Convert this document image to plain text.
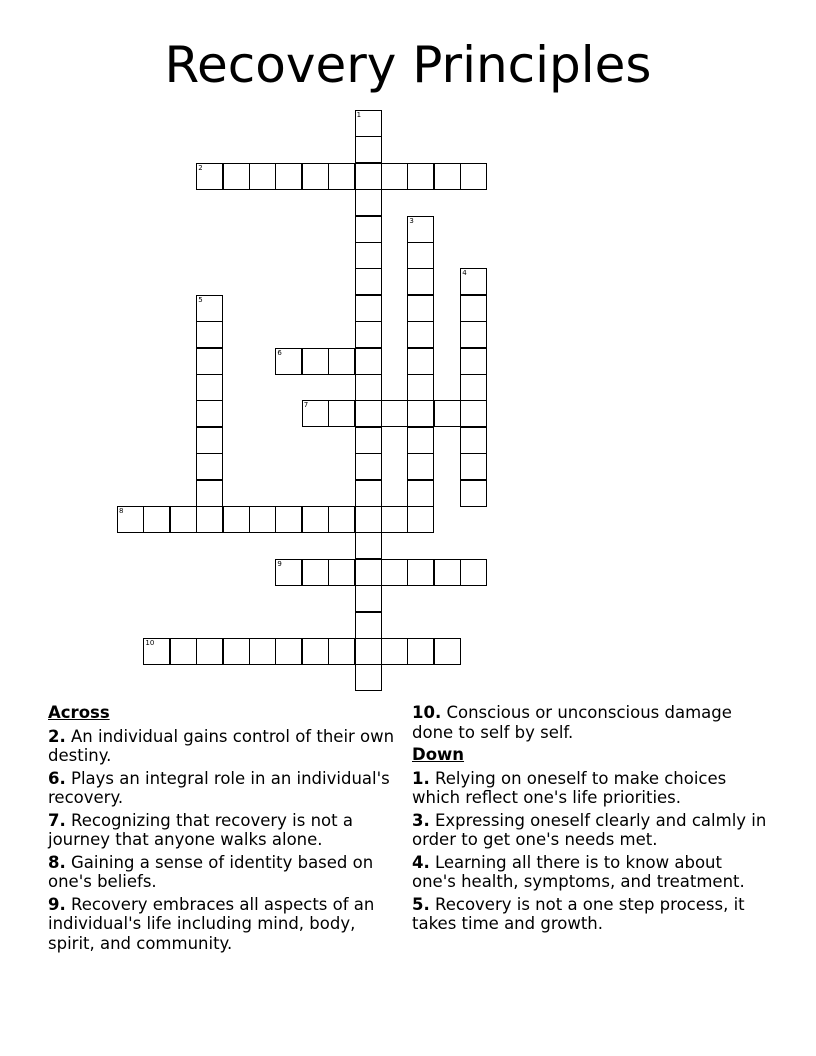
Recovery Principles
1
2
3
4
5
6
7
8
9
10
Across
2. An individual gains control of their own destiny.
6. Plays an integral role in an individual's recovery.
7. Recognizing that recovery is not a journey that anyone walks alone.
8. Gaining a sense of identity based on one's beliefs.
9. Recovery embraces all aspects of an individual's life including mind, body, spirit, and community.
10. Conscious or unconscious damage done to self by self.
Down
1. Relying on oneself to make choices which reflect one's life priorities.
3. Expressing oneself clearly and calmly in order to get one's needs met.
4. Learning all there is to know about one's health, symptoms, and treatment.
5. Recovery is not a one step process, it takes time and growth.
